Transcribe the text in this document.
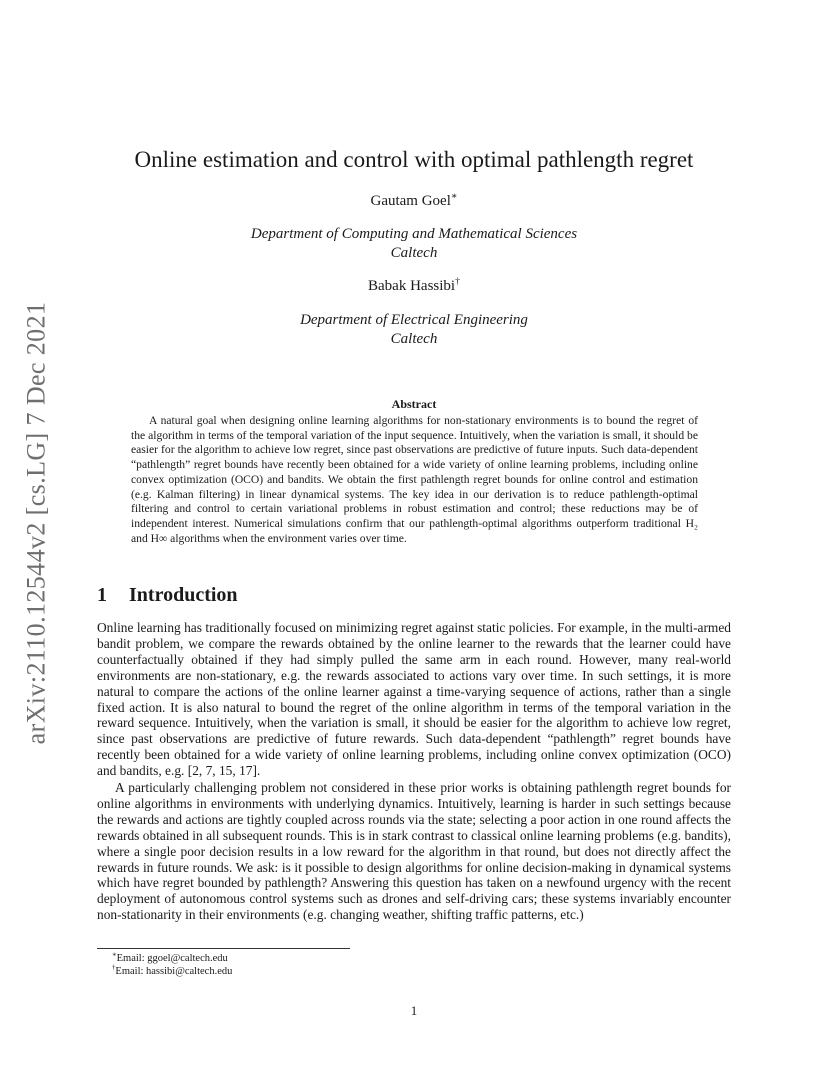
arXiv:2110.12544v2 [cs.LG] 7 Dec 2021
Online estimation and control with optimal pathlength regret
Gautam Goel∗
Department of Computing and Mathematical Sciences
Caltech
Babak Hassibi†
Department of Electrical Engineering
Caltech
Abstract
A natural goal when designing online learning algorithms for non-stationary environments is to bound the regret of the algorithm in terms of the temporal variation of the input sequence. Intuitively, when the variation is small, it should be easier for the algorithm to achieve low regret, since past observations are predictive of future inputs. Such data-dependent “pathlength” regret bounds have recently been obtained for a wide variety of online learning problems, including online convex optimization (OCO) and bandits. We obtain the first pathlength regret bounds for online control and estimation (e.g. Kalman filtering) in linear dynamical systems. The key idea in our derivation is to reduce pathlength-optimal filtering and control to certain variational problems in robust estimation and control; these reductions may be of independent interest. Numerical simulations confirm that our pathlength-optimal algorithms outperform traditional H₂ and H∞ algorithms when the environment varies over time.
1 Introduction
Online learning has traditionally focused on minimizing regret against static policies. For example, in the multi-armed bandit problem, we compare the rewards obtained by the online learner to the rewards that the learner could have counterfactually obtained if they had simply pulled the same arm in each round. However, many real-world environments are non-stationary, e.g. the rewards associated to actions vary over time. In such settings, it is more natural to compare the actions of the online learner against a time-varying sequence of actions, rather than a single fixed action. It is also natural to bound the regret of the online algorithm in terms of the temporal variation in the reward sequence. Intuitively, when the variation is small, it should be easier for the algorithm to achieve low regret, since past observations are predictive of future rewards. Such data-dependent “pathlength” regret bounds have recently been obtained for a wide variety of online learning problems, including online convex optimization (OCO) and bandits, e.g. [2, 7, 15, 17].
A particularly challenging problem not considered in these prior works is obtaining pathlength regret bounds for online algorithms in environments with underlying dynamics. Intuitively, learning is harder in such settings because the rewards and actions are tightly coupled across rounds via the state; selecting a poor action in one round affects the rewards obtained in all subsequent rounds. This is in stark contrast to classical online learning problems (e.g. bandits), where a single poor decision results in a low reward for the algorithm in that round, but does not directly affect the rewards in future rounds. We ask: is it possible to design algorithms for online decision-making in dynamical systems which have regret bounded by pathlength? Answering this question has taken on a newfound urgency with the recent deployment of autonomous control systems such as drones and self-driving cars; these systems invariably encounter non-stationarity in their environments (e.g. changing weather, shifting traffic patterns, etc.)
∗Email: ggoel@caltech.edu
†Email: hassibi@caltech.edu
1
